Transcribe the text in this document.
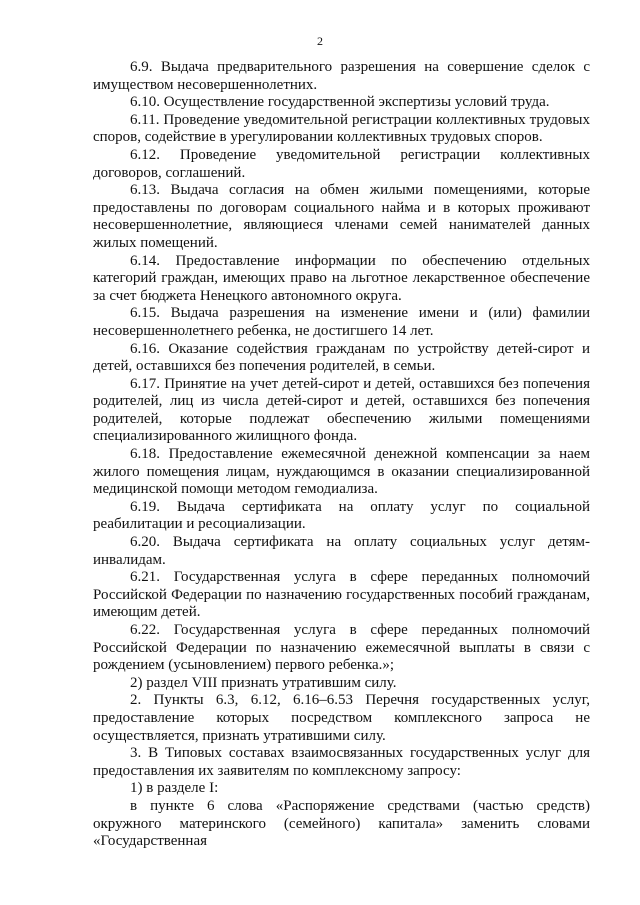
2

6.9. Выдача предварительного разрешения на совершение сделок с имуществом несовершеннолетних.

6.10. Осуществление государственной экспертизы условий труда.

6.11. Проведение уведомительной регистрации коллективных трудовых споров, содействие в урегулировании коллективных трудовых споров.

6.12. Проведение уведомительной регистрации коллективных договоров, соглашений.

6.13. Выдача согласия на обмен жилыми помещениями, которые предоставлены по договорам социального найма и в которых проживают несовершеннолетние, являющиеся членами семей нанимателей данных жилых помещений.

6.14. Предоставление информации по обеспечению отдельных категорий граждан, имеющих право на льготное лекарственное обеспечение за счет бюджета Ненецкого автономного округа.

6.15. Выдача разрешения на изменение имени и (или) фамилии несовершеннолетнего ребенка, не достигшего 14 лет.

6.16. Оказание содействия гражданам по устройству детей-сирот и детей, оставшихся без попечения родителей, в семьи.

6.17. Принятие на учет детей-сирот и детей, оставшихся без попечения родителей, лиц из числа детей-сирот и детей, оставшихся без попечения родителей, которые подлежат обеспечению жилыми помещениями специализированного жилищного фонда.

6.18. Предоставление ежемесячной денежной компенсации за наем жилого помещения лицам, нуждающимся в оказании специализированной медицинской помощи методом гемодиализа.

6.19. Выдача сертификата на оплату услуг по социальной реабилитации и ресоциализации.

6.20. Выдача сертификата на оплату социальных услуг детям-инвалидам.

6.21. Государственная услуга в сфере переданных полномочий Российской Федерации по назначению государственных пособий гражданам, имеющим детей.

6.22. Государственная услуга в сфере переданных полномочий Российской Федерации по назначению ежемесячной выплаты в связи с рождением (усыновлением) первого ребенка.»;

2) раздел VIII признать утратившим силу.

2. Пункты 6.3, 6.12, 6.16–6.53 Перечня государственных услуг, предоставление которых посредством комплексного запроса не осуществляется, признать утратившими силу.

3. В Типовых составах взаимосвязанных государственных услуг для предоставления их заявителям по комплексному запросу:

1) в разделе I:

в пункте 6 слова «Распоряжение средствами (частью средств) окружного материнского (семейного) капитала» заменить словами «Государственная
